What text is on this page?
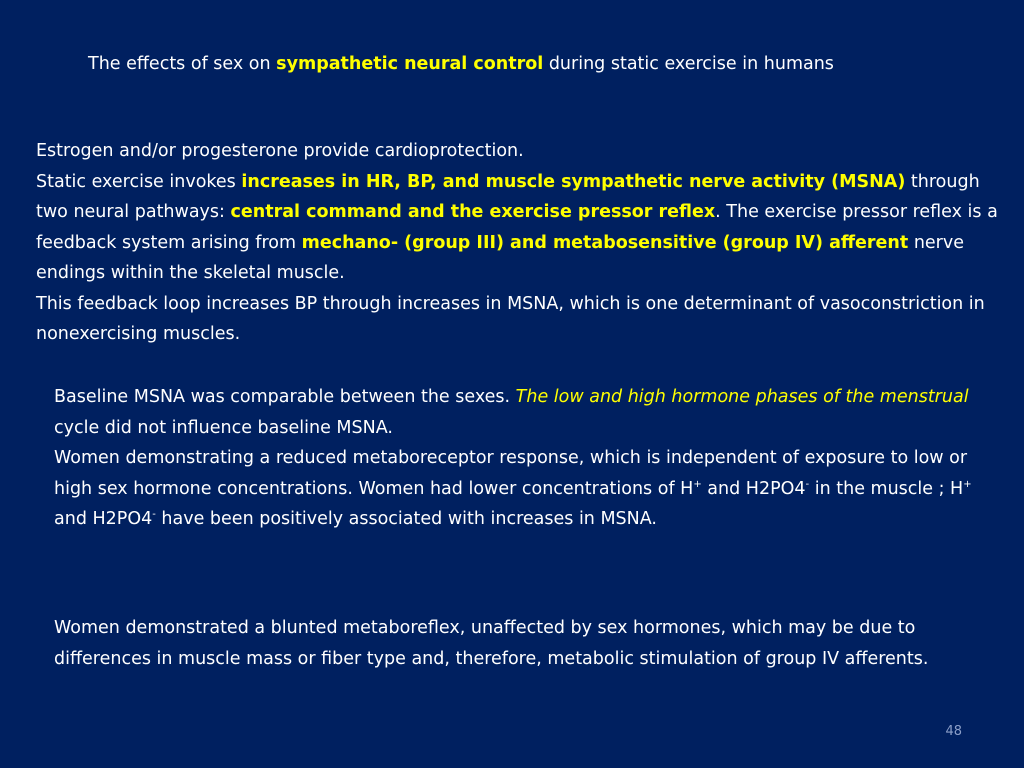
The effects of sex on sympathetic neural control during static exercise in humans

Estrogen and/or progesterone provide cardioprotection.

Static exercise invokes increases in HR, BP, and muscle sympathetic nerve activity (MSNA) through two neural pathways: central command and the exercise pressor reflex. The exercise pressor reflex is a feedback system arising from mechano- (group III) and metabosensitive (group IV) afferent nerve endings within the skeletal muscle.

This feedback loop increases BP through increases in MSNA, which is one determinant of vasoconstriction in nonexercising muscles.

Baseline MSNA was comparable between the sexes. The low and high hormone phases of the menstrual cycle did not influence baseline MSNA.

Women demonstrating a reduced metaboreceptor response, which is independent of exposure to low or high sex hormone concentrations. Women had lower concentrations of H+ and H2PO4- in the muscle ; H+ and H2PO4- have been positively associated with increases in MSNA.

Women demonstrated a blunted metaboreflex, unaffected by sex hormones, which may be due to differences in muscle mass or fiber type and, therefore, metabolic stimulation of group IV afferents.

48
